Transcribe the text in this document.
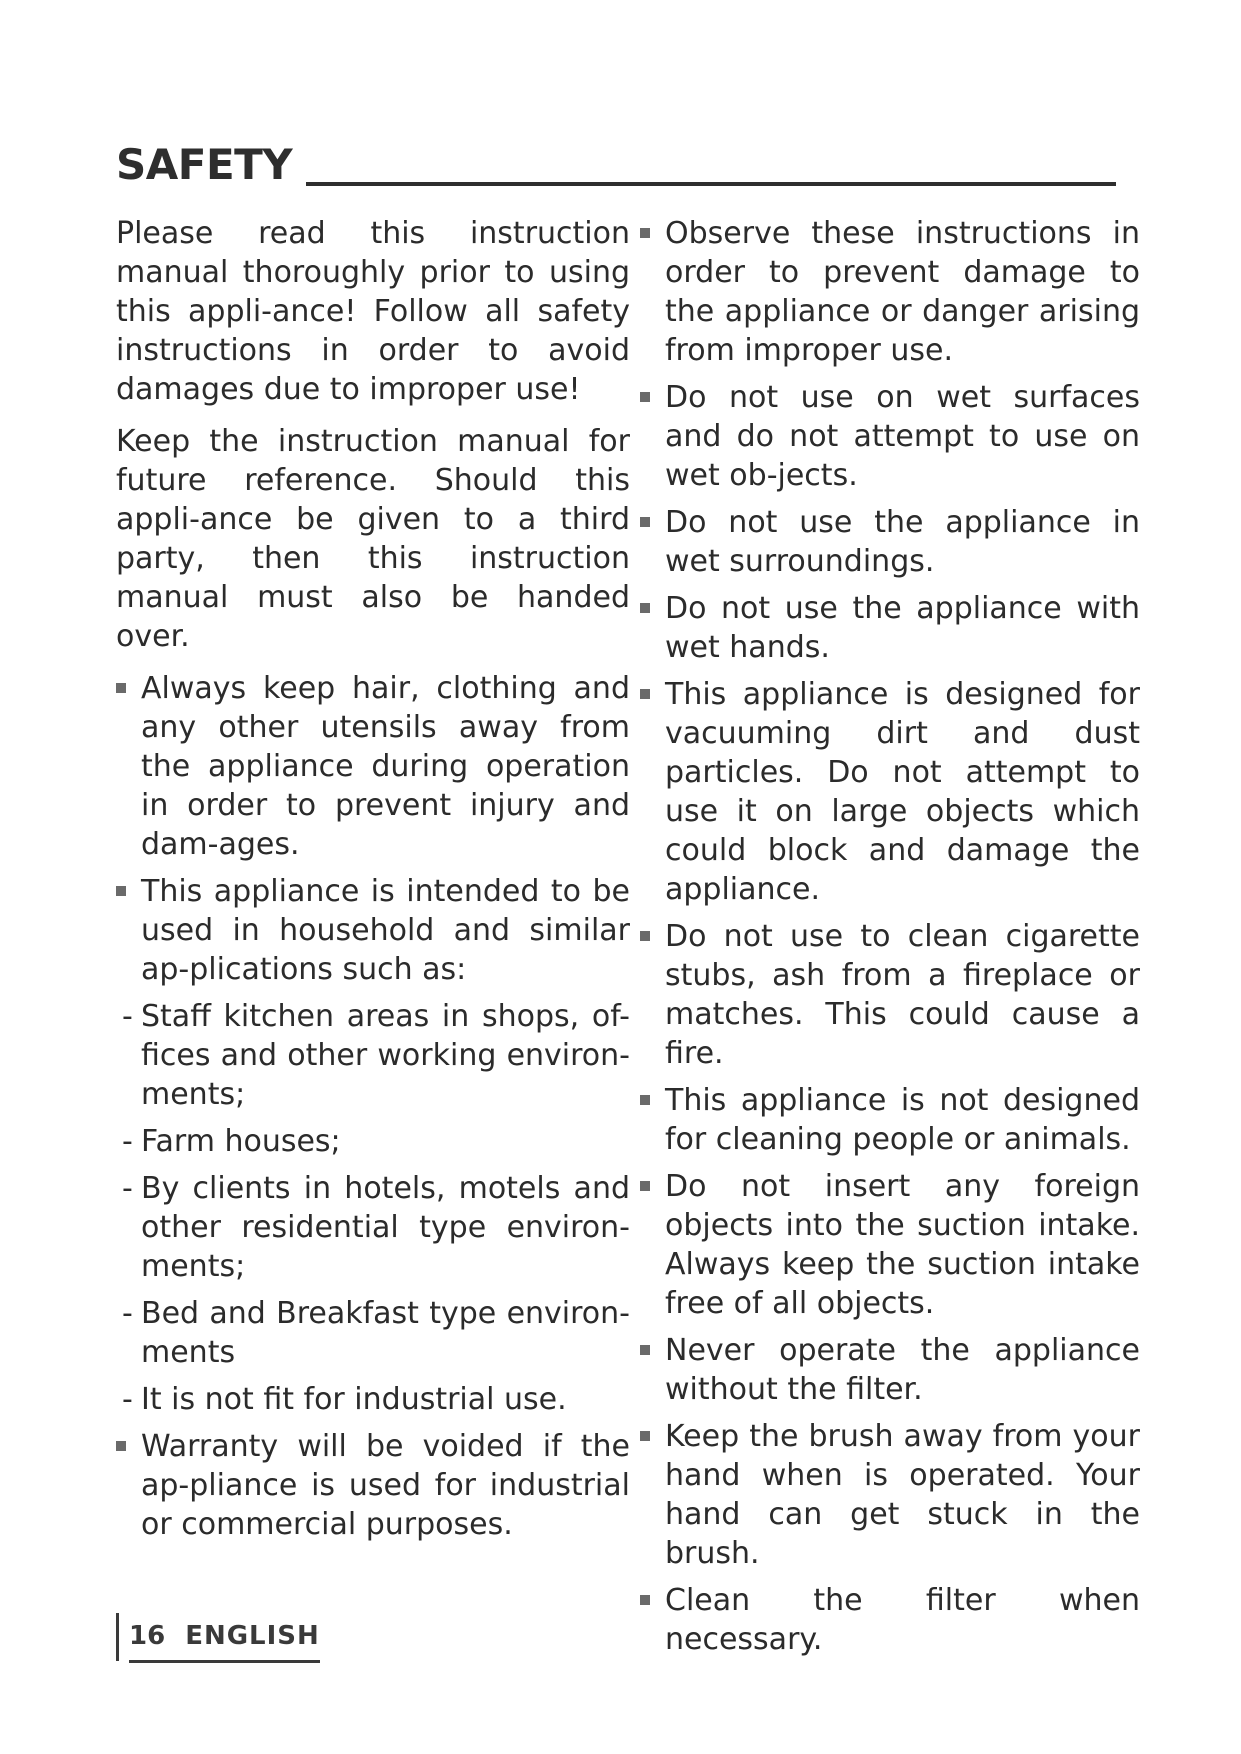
SAFETY

Please read this instruction manual thoroughly prior to using this appli-ance! Follow all safety instructions in order to avoid damages due to improper use!

Keep the instruction manual for future reference. Should this appli-ance be given to a third party, then this instruction manual must also be handed over.

Always keep hair, clothing and any other utensils away from the appliance during operation in order to prevent injury and dam-ages.
This appliance is intended to be used in household and similar ap-plications such as:
- Staff kitchen areas in shops, of-fices and other working environ-ments;
- Farm houses;
- By clients in hotels, motels and other residential type environ-ments;
- Bed and Breakfast type environ-ments
- It is not fit for industrial use.
Warranty will be voided if the ap-pliance is used for industrial or commercial purposes.
Observe these instructions in order to prevent damage to the appliance or danger arising from improper use.
Do not use on wet surfaces and do not attempt to use on wet ob-jects.
Do not use the appliance in wet surroundings.
Do not use the appliance with wet hands.
This appliance is designed for vacuuming dirt and dust particles. Do not attempt to use it on large objects which could block and damage the appliance.
Do not use to clean cigarette stubs, ash from a fireplace or matches. This could cause a fire.
This appliance is not designed for cleaning people or animals.
Do not insert any foreign objects into the suction intake. Always keep the suction intake free of all objects.
Never operate the appliance without the filter.
Keep the brush away from your hand when is operated. Your hand can get stuck in the brush.
Clean the filter when necessary.
16 ENGLISH
